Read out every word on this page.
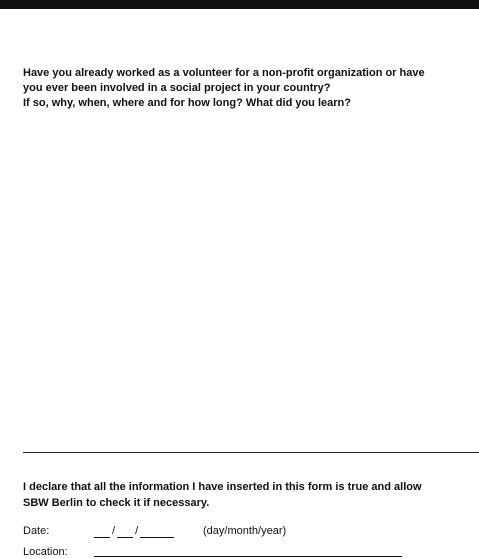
Have you already worked as a volunteer for a non-profit organization or have
you ever been involved in a social project in your country?
If so, why, when, where and for how long? What did you learn?
I declare that all the information I have inserted in this form is true and allow
SBW Berlin to check it if necessary.
Date:	/ /	(day/month/year)
Location:
